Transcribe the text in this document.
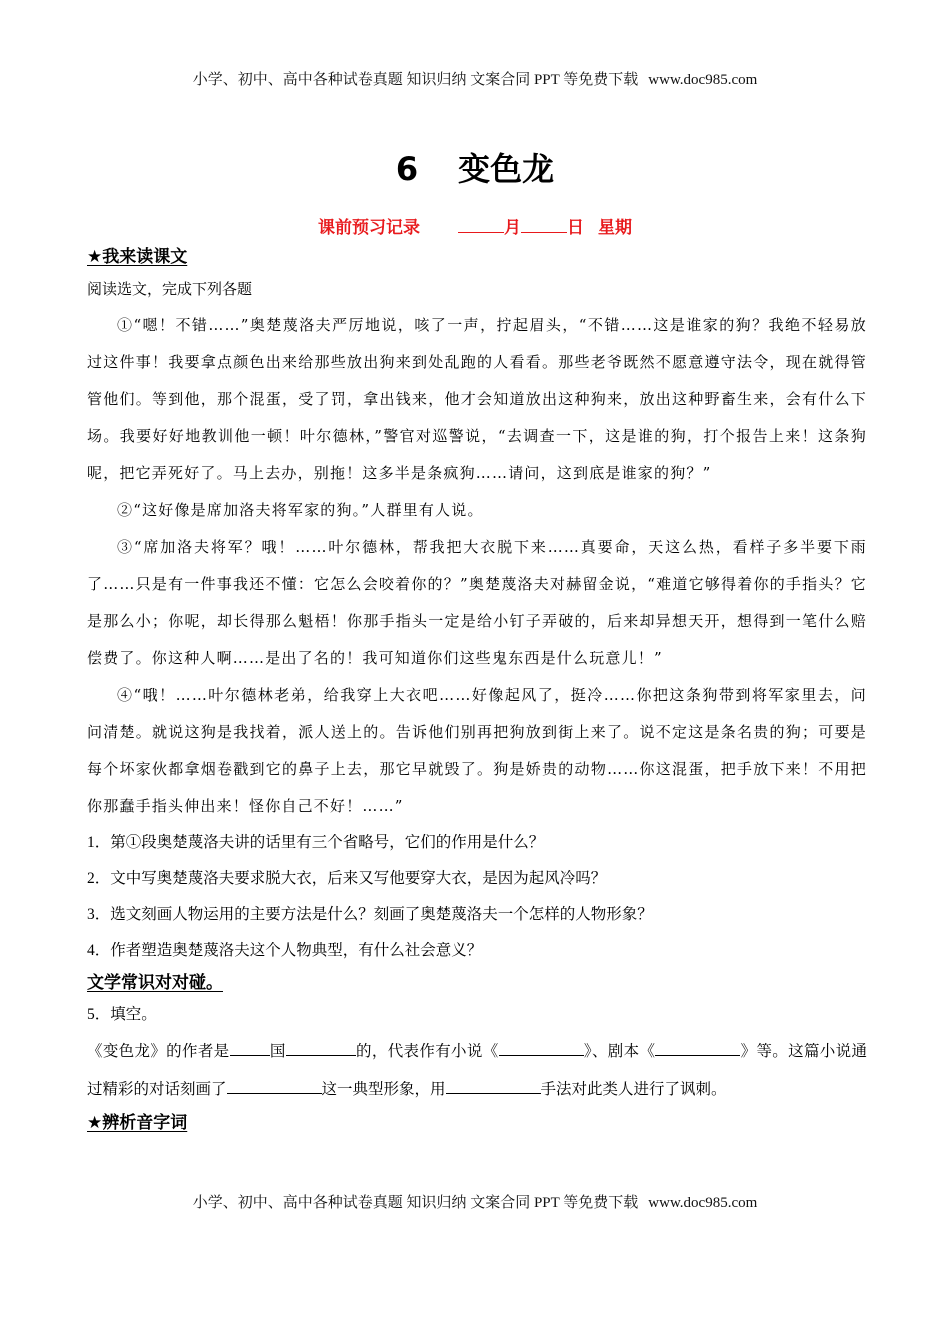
小学、初中、高中各种试卷真题 知识归纳 文案合同 PPT 等免费下载 www.doc985.com
6 变色龙
课前预习记录	月	日 星期
★我来读课文
阅读选文，完成下列各题

①“嗯！不错……”奥楚蔑洛夫严厉地说，咳了一声，拧起眉头，“不错……这是谁家的狗？我绝不轻易放过这件事！我要拿点颜色出来给那些放出狗来到处乱跑的人看看。那些老爷既然不愿意遵守法令，现在就得管管他们。等到他，那个混蛋，受了罚，拿出钱来，他才会知道放出这种狗来，放出这种野畜生来，会有什么下场。我要好好地教训他一顿！叶尔德林，”警官对巡警说，“去调查一下，这是谁的狗，打个报告上来！这条狗呢，把它弄死好了。马上去办，别拖！这多半是条疯狗……请问，这到底是谁家的狗？”

②“这好像是席加洛夫将军家的狗。”人群里有人说。

③“席加洛夫将军？哦！……叶尔德林，帮我把大衣脱下来……真要命，天这么热，看样子多半要下雨了……只是有一件事我还不懂：它怎么会咬着你的？”奥楚蔑洛夫对赫留金说，“难道它够得着你的手指头？它是那么小；你呢，却长得那么魁梧！你那手指头一定是给小钉子弄破的，后来却异想天开，想得到一笔什么赔偿费了。你这种人啊……是出了名的！我可知道你们这些鬼东西是什么玩意儿！”

④“哦！……叶尔德林老弟，给我穿上大衣吧……好像起风了，挺冷……你把这条狗带到将军家里去，问问清楚。就说这狗是我找着，派人送上的。告诉他们别再把狗放到街上来了。说不定这是条名贵的狗；可要是每个坏家伙都拿烟卷戳到它的鼻子上去，那它早就毁了。狗是娇贵的动物……你这混蛋，把手放下来！不用把你那蠢手指头伸出来！怪你自己不好！……”

1．第①段奥楚蔑洛夫讲的话里有三个省略号，它们的作用是什么？
2．文中写奥楚蔑洛夫要求脱大衣，后来又写他要穿大衣，是因为起风冷吗？
3．选文刻画人物运用的主要方法是什么？刻画了奥楚蔑洛夫一个怎样的人物形象？
4．作者塑造奥楚蔑洛夫这个人物典型，有什么社会意义？
文学常识对对碰。
5．填空。

《变色龙》的作者是	国	的，代表作有小说《	》、剧本《	》等。这篇小说通过精彩的对话刻画了	这一典型形象，用	手法对此类人进行了讽刺。

★辨析音字词
小学、初中、高中各种试卷真题 知识归纳 文案合同 PPT 等免费下载 www.doc985.com
